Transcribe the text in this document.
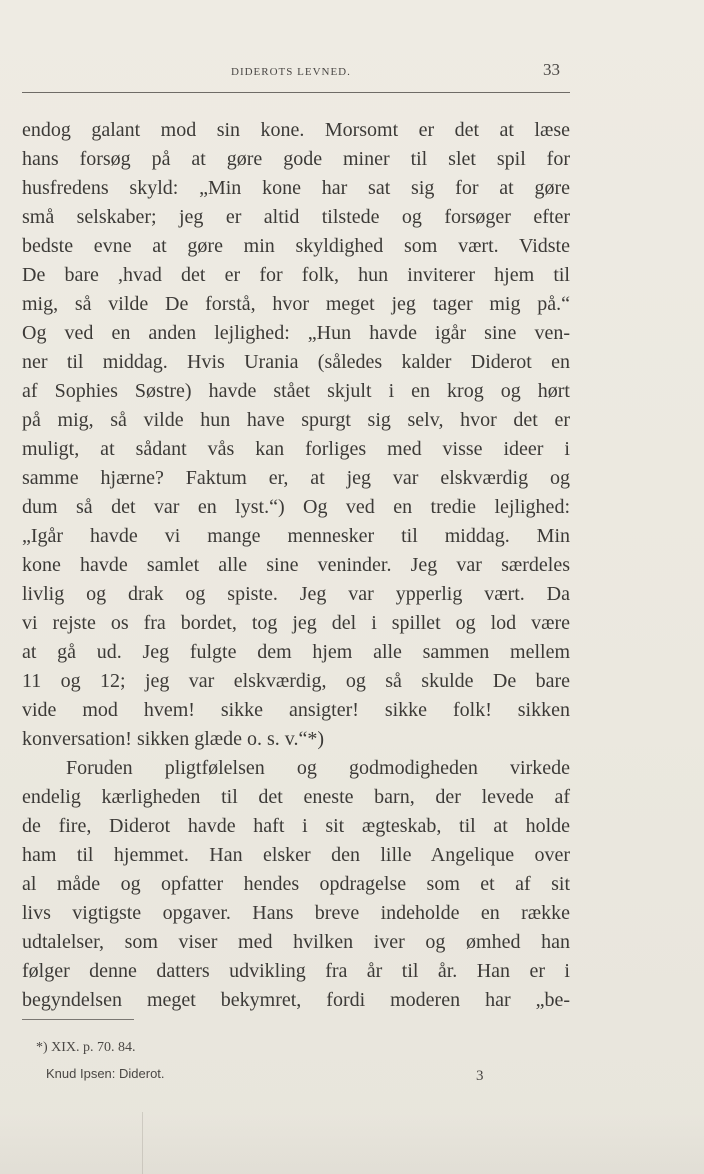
DIDEROTS LEVNED.	33
endog galant mod sin kone. Morsomt er det at læse
hans forsøg på at gøre gode miner til slet spil for
husfredens skyld: „Min kone har sat sig for at gøre
små selskaber; jeg er altid tilstede og forsøger efter
bedste evne at gøre min skyldighed som vært. Vidste
De bare ,hvad det er for folk, hun inviterer hjem til
mig, så vilde De forstå, hvor meget jeg tager mig på.“
Og ved en anden lejlighed: „Hun havde igår sine ven-
ner til middag. Hvis Urania (således kalder Diderot en
af Sophies Søstre) havde stået skjult i en krog og hørt
på mig, så vilde hun have spurgt sig selv, hvor det er
muligt, at sådant vås kan forliges med visse ideer i
samme hjærne? Faktum er, at jeg var elskværdig og
dum så det var en lyst.“) Og ved en tredie lejlighed:
„Igår havde vi mange mennesker til middag. Min
kone havde samlet alle sine veninder. Jeg var særdeles
livlig og drak og spiste. Jeg var ypperlig vært. Da
vi rejste os fra bordet, tog jeg del i spillet og lod være
at gå ud. Jeg fulgte dem hjem alle sammen mellem
11 og 12; jeg var elskværdig, og så skulde De bare
vide mod hvem! sikke ansigter! sikke folk! sikken
konversation! sikken glæde o. s. v.“*)
Foruden pligtfølelsen og godmodigheden virkede
endelig kærligheden til det eneste barn, der levede af
de fire, Diderot havde haft i sit ægteskab, til at holde
ham til hjemmet. Han elsker den lille Angelique over
al måde og opfatter hendes opdragelse som et af sit
livs vigtigste opgaver. Hans breve indeholde en række
udtalelser, som viser med hvilken iver og ømhed han
følger denne datters udvikling fra år til år. Han er i
begyndelsen meget bekymret, fordi moderen har „be-
*) XIX. p. 70. 84.
Knud Ipsen: Diderot.	3
